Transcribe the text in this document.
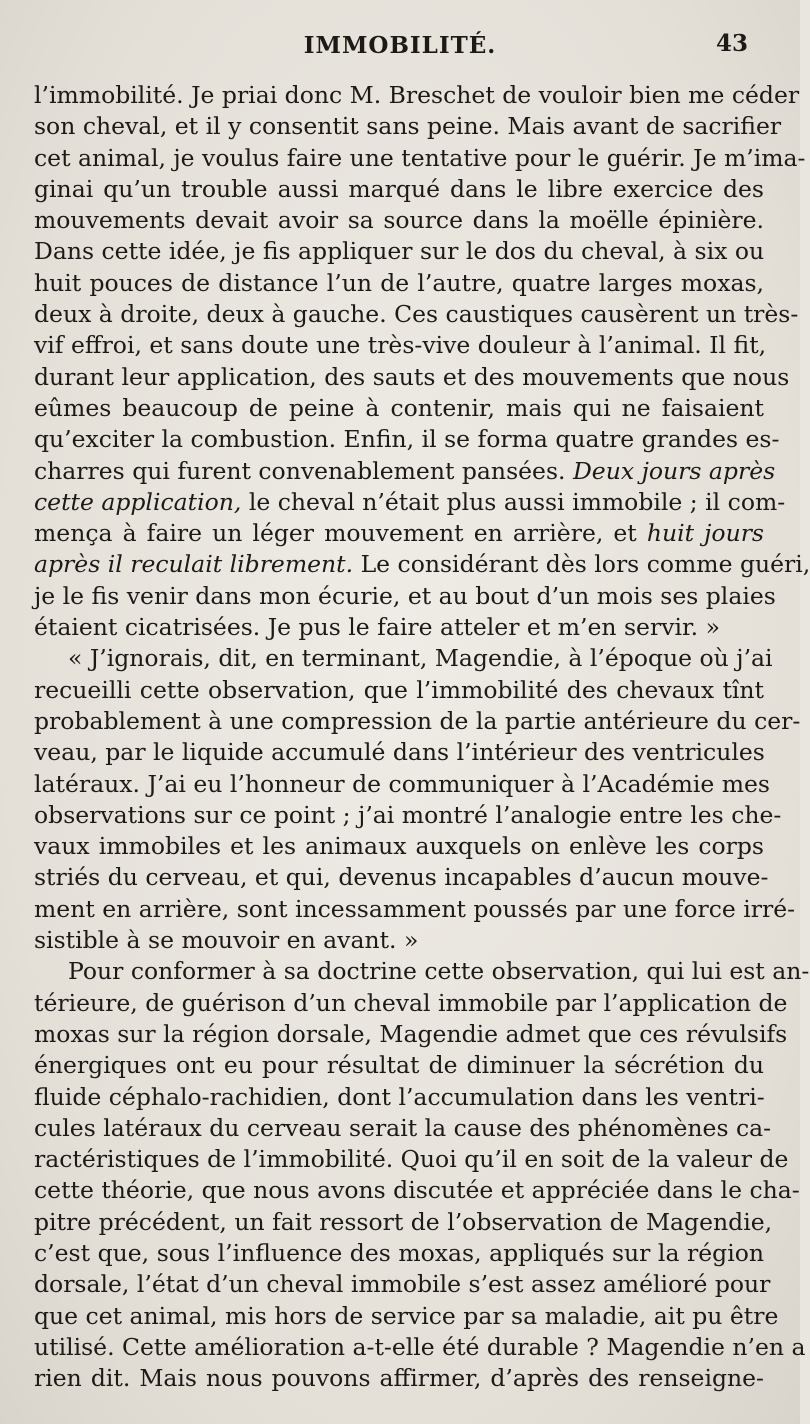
IMMOBILITÉ.	43
l’immobilité. Je priai donc M. Breschet de vouloir bien me céder
son cheval, et il y consentit sans peine. Mais avant de sacrifier
cet animal, je voulus faire une tentative pour le guérir. Je m’ima-
ginai qu’un trouble aussi marqué dans le libre exercice des
mouvements devait avoir sa source dans la moëlle épinière.
Dans cette idée, je fis appliquer sur le dos du cheval, à six ou
huit pouces de distance l’un de l’autre, quatre larges moxas,
deux à droite, deux à gauche. Ces caustiques causèrent un très-
vif effroi, et sans doute une très-vive douleur à l’animal. Il fit,
durant leur application, des sauts et des mouvements que nous
eûmes beaucoup de peine à contenir, mais qui ne faisaient
qu’exciter la combustion. Enfin, il se forma quatre grandes es-
charres qui furent convenablement pansées. Deux jours après
cette application, le cheval n’était plus aussi immobile ; il com-
mença à faire un léger mouvement en arrière, et huit jours
après il reculait librement. Le considérant dès lors comme guéri,
je le fis venir dans mon écurie, et au bout d’un mois ses plaies
étaient cicatrisées. Je pus le faire atteler et m’en servir. »
« J’ignorais, dit, en terminant, Magendie, à l’époque où j’ai
recueilli cette observation, que l’immobilité des chevaux tînt
probablement à une compression de la partie antérieure du cer-
veau, par le liquide accumulé dans l’intérieur des ventricules
latéraux. J’ai eu l’honneur de communiquer à l’Académie mes
observations sur ce point ; j’ai montré l’analogie entre les che-
vaux immobiles et les animaux auxquels on enlève les corps
striés du cerveau, et qui, devenus incapables d’aucun mouve-
ment en arrière, sont incessamment poussés par une force irré-
sistible à se mouvoir en avant. »
Pour conformer à sa doctrine cette observation, qui lui est an-
térieure, de guérison d’un cheval immobile par l’application de
moxas sur la région dorsale, Magendie admet que ces révulsifs
énergiques ont eu pour résultat de diminuer la sécrétion du
fluide céphalo-rachidien, dont l’accumulation dans les ventri-
cules latéraux du cerveau serait la cause des phénomènes ca-
ractéristiques de l’immobilité. Quoi qu’il en soit de la valeur de
cette théorie, que nous avons discutée et appréciée dans le cha-
pitre précédent, un fait ressort de l’observation de Magendie,
c’est que, sous l’influence des moxas, appliqués sur la région
dorsale, l’état d’un cheval immobile s’est assez amélioré pour
que cet animal, mis hors de service par sa maladie, ait pu être
utilisé. Cette amélioration a-t-elle été durable ? Magendie n’en a
rien dit. Mais nous pouvons affirmer, d’après des renseigne-
